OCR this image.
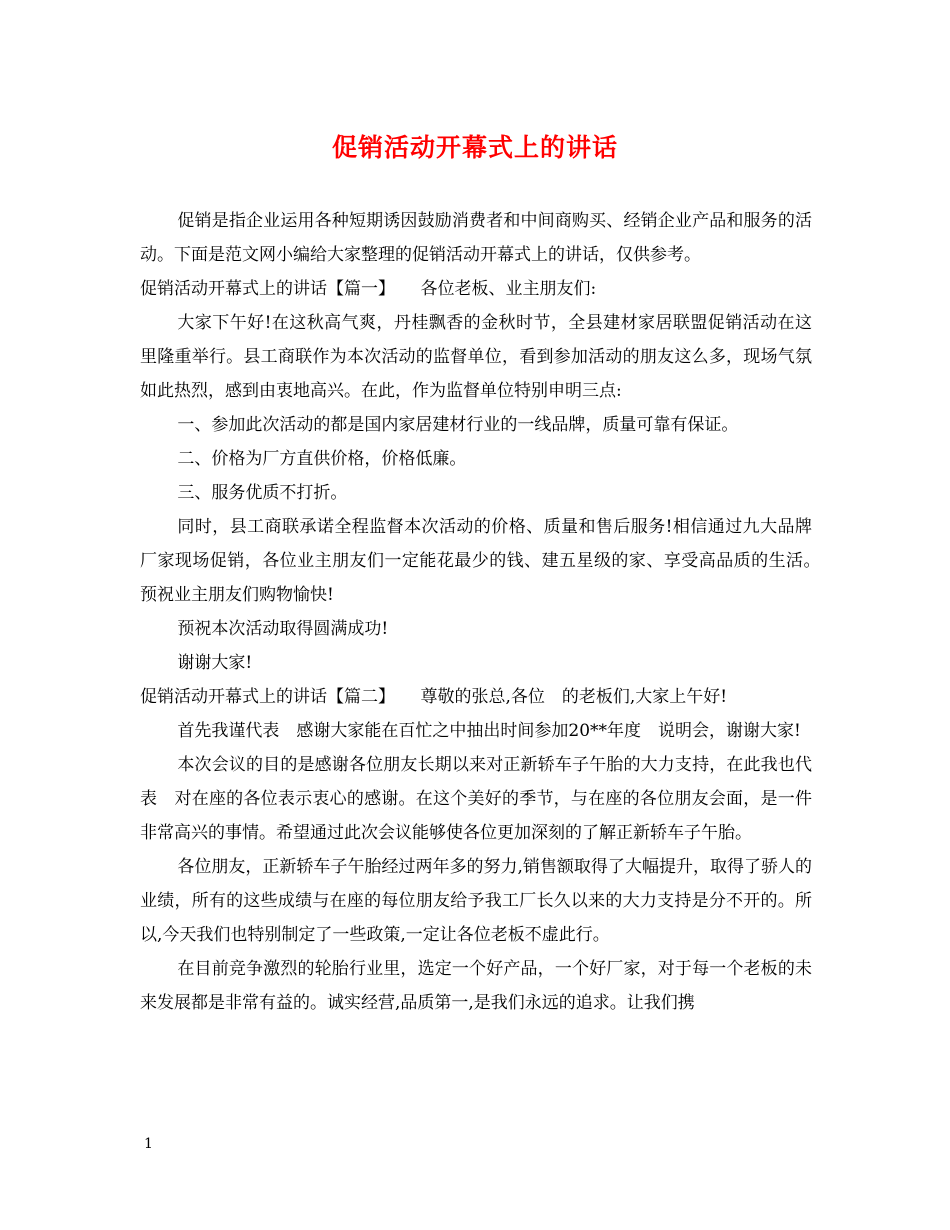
促销活动开幕式上的讲话

促销是指企业运用各种短期诱因鼓励消费者和中间商购买、经销企业产品和服务的活动。下面是范文网小编给大家整理的促销活动开幕式上的讲话，仅供参考。

促销活动开幕式上的讲话【篇一】　　各位老板、业主朋友们:

大家下午好!在这秋高气爽，丹桂飘香的金秋时节，全县建材家居联盟促销活动在这里隆重举行。县工商联作为本次活动的监督单位，看到参加活动的朋友这么多，现场气氛如此热烈，感到由衷地高兴。在此，作为监督单位特别申明三点:

一、参加此次活动的都是国内家居建材行业的一线品牌，质量可靠有保证。

二、价格为厂方直供价格，价格低廉。

三、服务优质不打折。

同时，县工商联承诺全程监督本次活动的价格、质量和售后服务!相信通过九大品牌厂家现场促销，各位业主朋友们一定能花最少的钱、建五星级的家、享受高品质的生活。　预祝业主朋友们购物愉快!

预祝本次活动取得圆满成功!

谢谢大家!

促销活动开幕式上的讲话【篇二】　　尊敬的张总,各位　的老板们,大家上午好!

首先我谨代表　感谢大家能在百忙之中抽出时间参加20**年度　说明会，谢谢大家!

本次会议的目的是感谢各位朋友长期以来对正新轿车子午胎的大力支持，在此我也代表　对在座的各位表示衷心的感谢。在这个美好的季节，与在座的各位朋友会面，是一件非常高兴的事情。希望通过此次会议能够使各位更加深刻的了解正新轿车子午胎。

各位朋友，正新轿车子午胎经过两年多的努力,销售额取得了大幅提升，取得了骄人的业绩，所有的这些成绩与在座的每位朋友给予我工厂长久以来的大力支持是分不开的。所以,今天我们也特别制定了一些政策,一定让各位老板不虚此行。

在目前竞争激烈的轮胎行业里，选定一个好产品，一个好厂家，对于每一个老板的未来发展都是非常有益的。诚实经营,品质第一,是我们永远的追求。让我们携

1
